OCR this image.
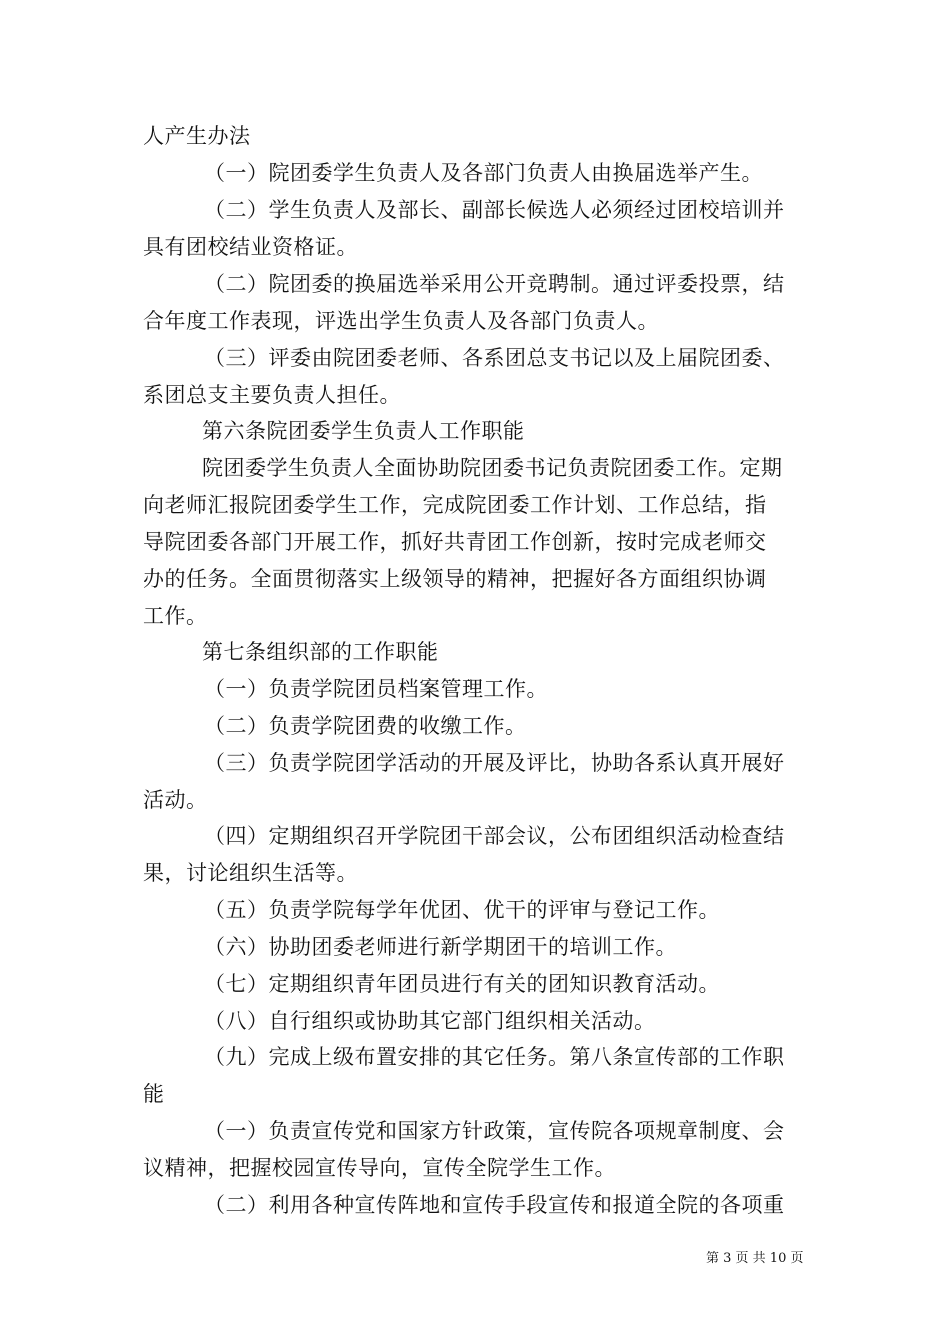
人产生办法
（一）院团委学生负责人及各部门负责人由换届选举产生。
（二）学生负责人及部长、副部长候选人必须经过团校培训并
具有团校结业资格证。
（二）院团委的换届选举采用公开竞聘制。通过评委投票，结
合年度工作表现，评选出学生负责人及各部门负责人。
（三）评委由院团委老师、各系团总支书记以及上届院团委、
系团总支主要负责人担任。
第六条院团委学生负责人工作职能
院团委学生负责人全面协助院团委书记负责院团委工作。定期
向老师汇报院团委学生工作，完成院团委工作计划、工作总结，指
导院团委各部门开展工作，抓好共青团工作创新，按时完成老师交
办的任务。全面贯彻落实上级领导的精神，把握好各方面组织协调
工作。
第七条组织部的工作职能
（一）负责学院团员档案管理工作。
（二）负责学院团费的收缴工作。
（三）负责学院团学活动的开展及评比，协助各系认真开展好
活动。
（四）定期组织召开学院团干部会议，公布团组织活动检查结
果，讨论组织生活等。
（五）负责学院每学年优团、优干的评审与登记工作。
（六）协助团委老师进行新学期团干的培训工作。
（七）定期组织青年团员进行有关的团知识教育活动。
（八）自行组织或协助其它部门组织相关活动。
（九）完成上级布置安排的其它任务。第八条宣传部的工作职
能
（一）负责宣传党和国家方针政策，宣传院各项规章制度、会
议精神，把握校园宣传导向，宣传全院学生工作。
（二）利用各种宣传阵地和宣传手段宣传和报道全院的各项重
第 3 页 共 10 页
